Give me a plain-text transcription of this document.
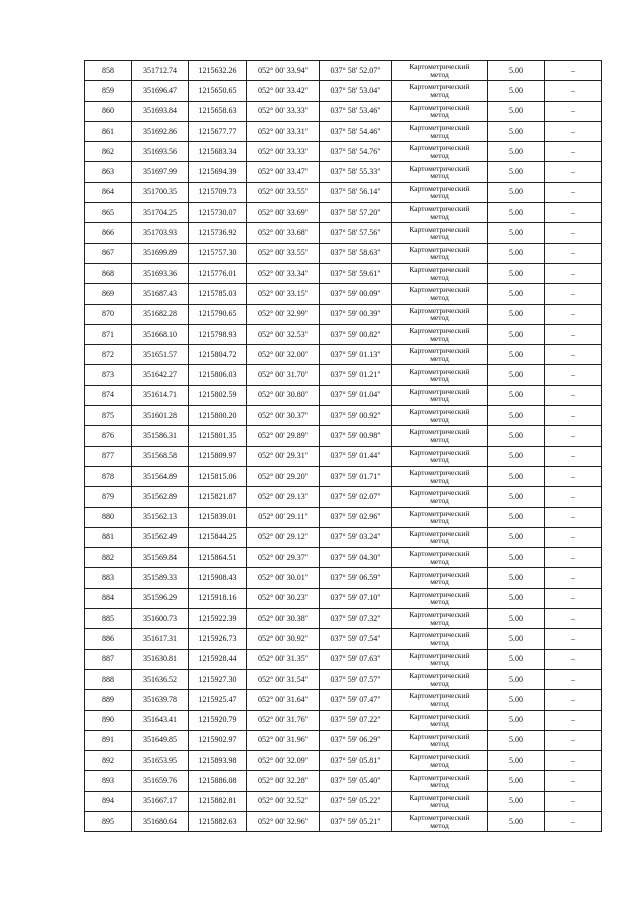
858	351712.74	1215632.26	052° 00' 33.94"	037° 58' 52.07"	Картометрический
метод	5.00	–
859	351696.47	1215650.65	052° 00' 33.42"	037° 58' 53.04"	Картометрический
метод	5.00	–
860	351693.84	1215658.63	052° 00' 33.33"	037° 58' 53.46"	Картометрический
метод	5.00	–
861	351692.86	1215677.77	052° 00' 33.31"	037° 58' 54.46"	Картометрический
метод	5.00	–
862	351693.56	1215683.34	052° 00' 33.33"	037° 58' 54.76"	Картометрический
метод	5.00	–
863	351697.99	1215694.39	052° 00' 33.47"	037° 58' 55.33"	Картометрический
метод	5.00	–
864	351700.35	1215709.73	052° 00' 33.55"	037° 58' 56.14"	Картометрический
метод	5.00	–
865	351704.25	1215730.07	052° 00' 33.69"	037° 58' 57.20"	Картометрический
метод	5.00	–
866	351703.93	1215736.92	052° 00' 33.68"	037° 58' 57.56"	Картометрический
метод	5.00	–
867	351699.89	1215757.30	052° 00' 33.55"	037° 58' 58.63"	Картометрический
метод	5.00	–
868	351693.36	1215776.01	052° 00' 33.34"	037° 58' 59.61"	Картометрический
метод	5.00	–
869	351687.43	1215785.03	052° 00' 33.15"	037° 59' 00.09"	Картометрический
метод	5.00	–
870	351682.28	1215790.65	052° 00' 32.99"	037° 59' 00.39"	Картометрический
метод	5.00	–
871	351668.10	1215798.93	052° 00' 32.53"	037° 59' 00.82"	Картометрический
метод	5.00	–
872	351651.57	1215804.72	052° 00' 32.00"	037° 59' 01.13"	Картометрический
метод	5.00	–
873	351642.27	1215806.03	052° 00' 31.70"	037° 59' 01.21"	Картометрический
метод	5.00	–
874	351614.71	1215802.59	052° 00' 30.80"	037° 59' 01.04"	Картометрический
метод	5.00	–
875	351601.28	1215800.20	052° 00' 30.37"	037° 59' 00.92"	Картометрический
метод	5.00	–
876	351586.31	1215801.35	052° 00' 29.89"	037° 59' 00.98"	Картометрический
метод	5.00	–
877	351568.58	1215809.97	052° 00' 29.31"	037° 59' 01.44"	Картометрический
метод	5.00	–
878	351564.89	1215815.06	052° 00' 29.20"	037° 59' 01.71"	Картометрический
метод	5.00	–
879	351562.89	1215821.87	052° 00' 29.13"	037° 59' 02.07"	Картометрический
метод	5.00	–
880	351562.13	1215839.01	052° 00' 29.11"	037° 59' 02.96"	Картометрический
метод	5.00	–
881	351562.49	1215844.25	052° 00' 29.12"	037° 59' 03.24"	Картометрический
метод	5.00	–
882	351569.84	1215864.51	052° 00' 29.37"	037° 59' 04.30"	Картометрический
метод	5.00	–
883	351589.33	1215908.43	052° 00' 30.01"	037° 59' 06.59"	Картометрический
метод	5.00	–
884	351596.29	1215918.16	052° 00' 30.23"	037° 59' 07.10"	Картометрический
метод	5.00	–
885	351600.73	1215922.39	052° 00' 30.38"	037° 59' 07.32"	Картометрический
метод	5.00	–
886	351617.31	1215926.73	052° 00' 30.92"	037° 59' 07.54"	Картометрический
метод	5.00	–
887	351630.81	1215928.44	052° 00' 31.35"	037° 59' 07.63"	Картометрический
метод	5.00	–
888	351636.52	1215927.30	052° 00' 31.54"	037° 59' 07.57"	Картометрический
метод	5.00	–
889	351639.78	1215925.47	052° 00' 31.64"	037° 59' 07.47"	Картометрический
метод	5.00	–
890	351643.41	1215920.79	052° 00' 31.76"	037° 59' 07.22"	Картометрический
метод	5.00	–
891	351649.85	1215902.97	052° 00' 31.96"	037° 59' 06.29"	Картометрический
метод	5.00	–
892	351653.95	1215893.98	052° 00' 32.09"	037° 59' 05.81"	Картометрический
метод	5.00	–
893	351659.76	1215886.08	052° 00' 32.28"	037° 59' 05.40"	Картометрический
метод	5.00	–
894	351667.17	1215882.81	052° 00' 32.52"	037° 59' 05.22"	Картометрический
метод	5.00	–
895	351680.64	1215882.63	052° 00' 32.96"	037° 59' 05.21"	Картометрический
метод	5.00	–
